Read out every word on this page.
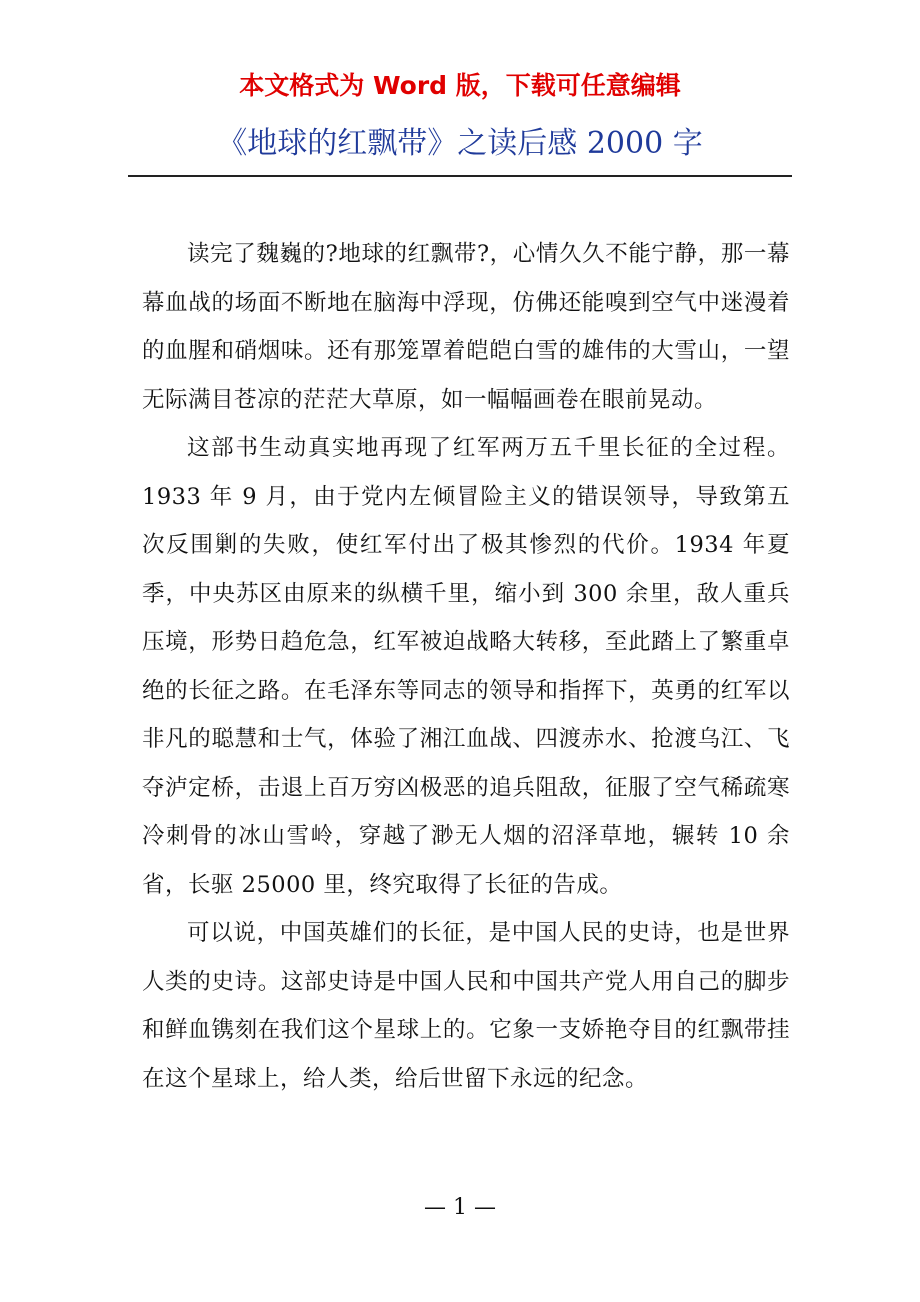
本文格式为 Word 版，下载可任意编辑
《地球的红飘带》之读后感 2000 字

读完了魏巍的?地球的红飘带?，心情久久不能宁静，那一幕幕血战的场面不断地在脑海中浮现，仿佛还能嗅到空气中迷漫着的血腥和硝烟味。还有那笼罩着皑皑白雪的雄伟的大雪山，一望无际满目苍凉的茫茫大草原，如一幅幅画卷在眼前晃动。

这部书生动真实地再现了红军两万五千里长征的全过程。1933 年 9 月，由于党内左倾冒险主义的错误领导，导致第五次反围剿的失败，使红军付出了极其惨烈的代价。1934 年夏季，中央苏区由原来的纵横千里，缩小到 300 余里，敌人重兵压境，形势日趋危急，红军被迫战略大转移，至此踏上了繁重卓绝的长征之路。在毛泽东等同志的领导和指挥下，英勇的红军以非凡的聪慧和士气，体验了湘江血战、四渡赤水、抢渡乌江、飞夺泸定桥，击退上百万穷凶极恶的追兵阻敌，征服了空气稀疏寒冷刺骨的冰山雪岭，穿越了渺无人烟的沼泽草地，辗转 10 余省，长驱 25000 里，终究取得了长征的告成。

可以说，中国英雄们的长征，是中国人民的史诗，也是世界人类的史诗。这部史诗是中国人民和中国共产党人用自己的脚步和鲜血镌刻在我们这个星球上的。它象一支娇艳夺目的红飘带挂在这个星球上，给人类，给后世留下永远的纪念。

— 1 —
